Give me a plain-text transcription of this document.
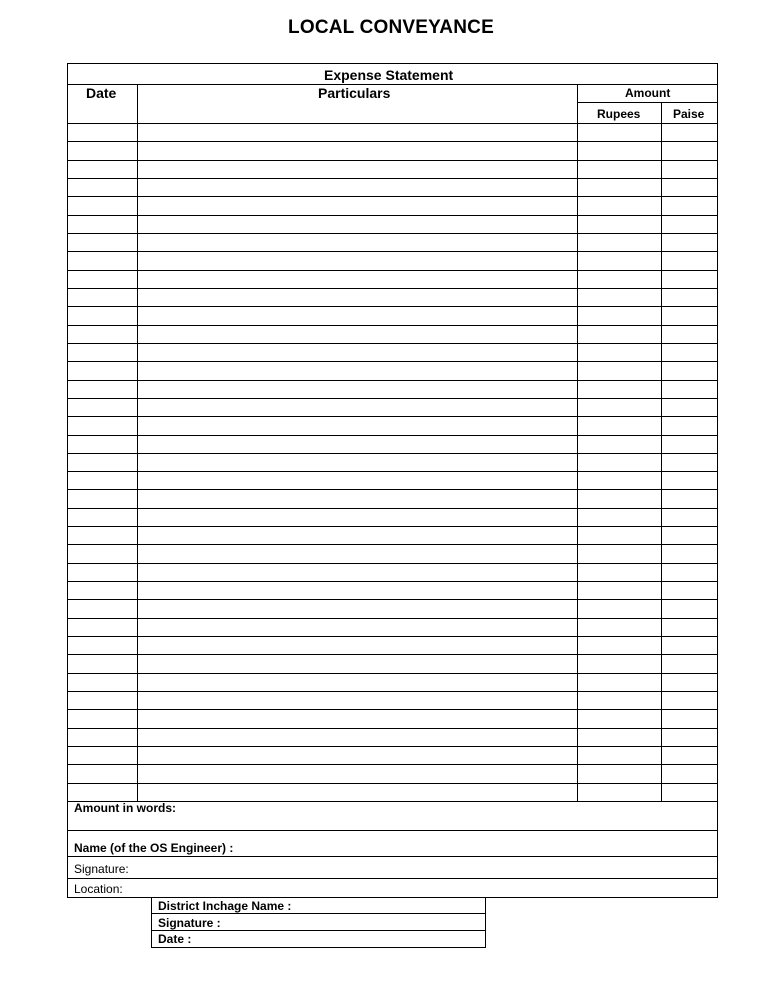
LOCAL CONVEYANCE
Expense Statement
Date	Particulars	Amount
Rupees	Paise
Amount in words:
Name (of the OS Engineer) :
Signature:
Location:
District Inchage Name :
Signature :
Date :
